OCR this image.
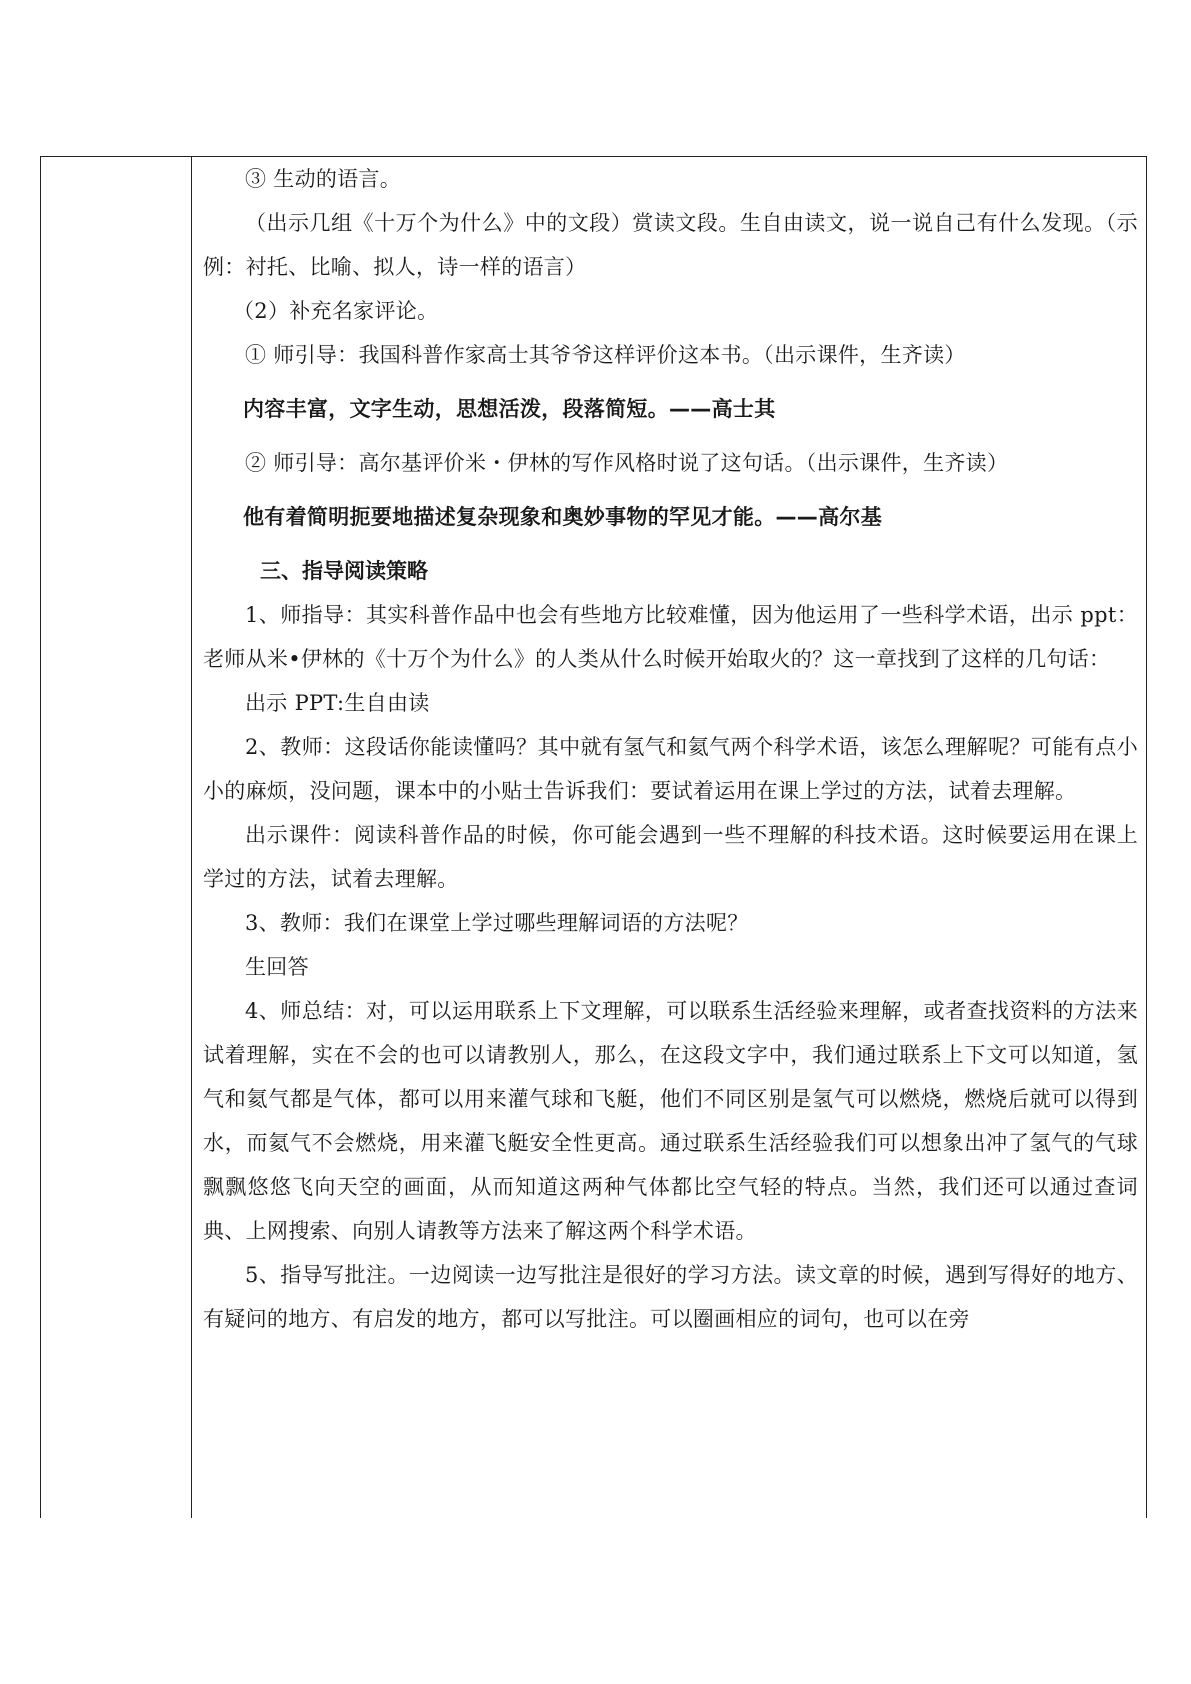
③ 生动的语言。

（出示几组《十万个为什么》中的文段）赏读文段。生自由读文，说一说自己有什么发现。（示例：衬托、比喻、拟人，诗一样的语言）

（2）补充名家评论。

① 师引导：我国科普作家高士其爷爷这样评价这本书。（出示课件，生齐读）

内容丰富，文字生动，思想活泼，段落简短。——高士其

② 师引导：高尔基评价米・伊林的写作风格时说了这句话。（出示课件，生齐读）

他有着简明扼要地描述复杂现象和奥妙事物的罕见才能。——高尔基

三、指导阅读策略

1、师指导：其实科普作品中也会有些地方比较难懂，因为他运用了一些科学术语，出示 ppt：老师从米•伊林的《十万个为什么》的人类从什么时候开始取火的？这一章找到了这样的几句话：

出示 PPT:生自由读

2、教师：这段话你能读懂吗？其中就有氢气和氦气两个科学术语，该怎么理解呢？可能有点小小的麻烦，没问题，课本中的小贴士告诉我们：要试着运用在课上学过的方法，试着去理解。

出示课件：阅读科普作品的时候，你可能会遇到一些不理解的科技术语。这时候要运用在课上学过的方法，试着去理解。

3、教师：我们在课堂上学过哪些理解词语的方法呢？

生回答

4、师总结：对，可以运用联系上下文理解，可以联系生活经验来理解，或者查找资料的方法来试着理解，实在不会的也可以请教别人，那么，在这段文字中，我们通过联系上下文可以知道，氢气和氦气都是气体，都可以用来灌气球和飞艇，他们不同区别是氢气可以燃烧，燃烧后就可以得到水，而氦气不会燃烧，用来灌飞艇安全性更高。通过联系生活经验我们可以想象出冲了氢气的气球飘飘悠悠飞向天空的画面，从而知道这两种气体都比空气轻的特点。当然，我们还可以通过查词典、上网搜索、向别人请教等方法来了解这两个科学术语。

5、指导写批注。一边阅读一边写批注是很好的学习方法。读文章的时候，遇到写得好的地方、有疑问的地方、有启发的地方，都可以写批注。可以圈画相应的词句，也可以在旁
